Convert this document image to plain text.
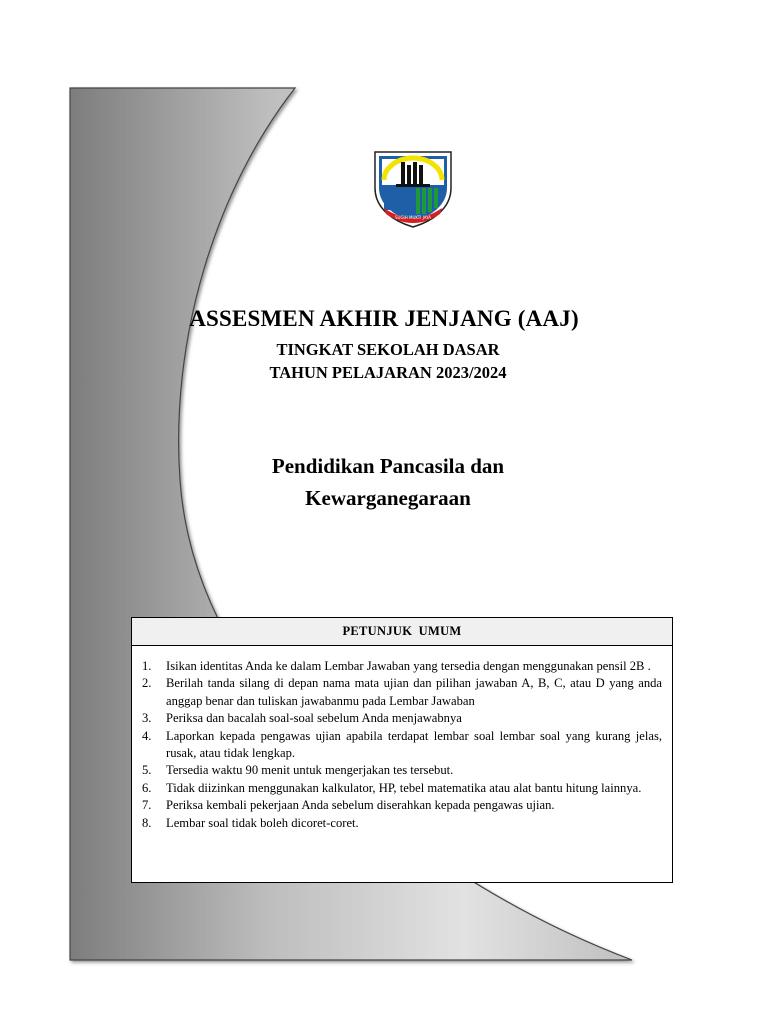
SUGIH MUKTI JAYA
ASSESMEN AKHIR JENJANG (AAJ)
TINGKAT SEKOLAH DASAR
TAHUN PELAJARAN 2023/2024
Pendidikan Pancasila dan
Kewarganegaraan
PETUNJUK UMUM
1.	Isikan identitas Anda ke dalam Lembar Jawaban yang tersedia dengan menggunakan pensil 2B .
2.	Berilah tanda silang di depan nama mata ujian dan pilihan jawaban A, B, C, atau D yang anda anggap benar dan tuliskan jawabanmu pada Lembar Jawaban
3.	Periksa dan bacalah soal-soal sebelum Anda menjawabnya
4.	Laporkan kepada pengawas ujian apabila terdapat lembar soal lembar soal yang kurang jelas, rusak, atau tidak lengkap.
5.	Tersedia waktu 90 menit untuk mengerjakan tes tersebut.
6.	Tidak diizinkan menggunakan kalkulator, HP, tebel matematika atau alat bantu hitung lainnya.
7.	Periksa kembali pekerjaan Anda sebelum diserahkan kepada pengawas ujian.
8.	Lembar soal tidak boleh dicoret-coret.
